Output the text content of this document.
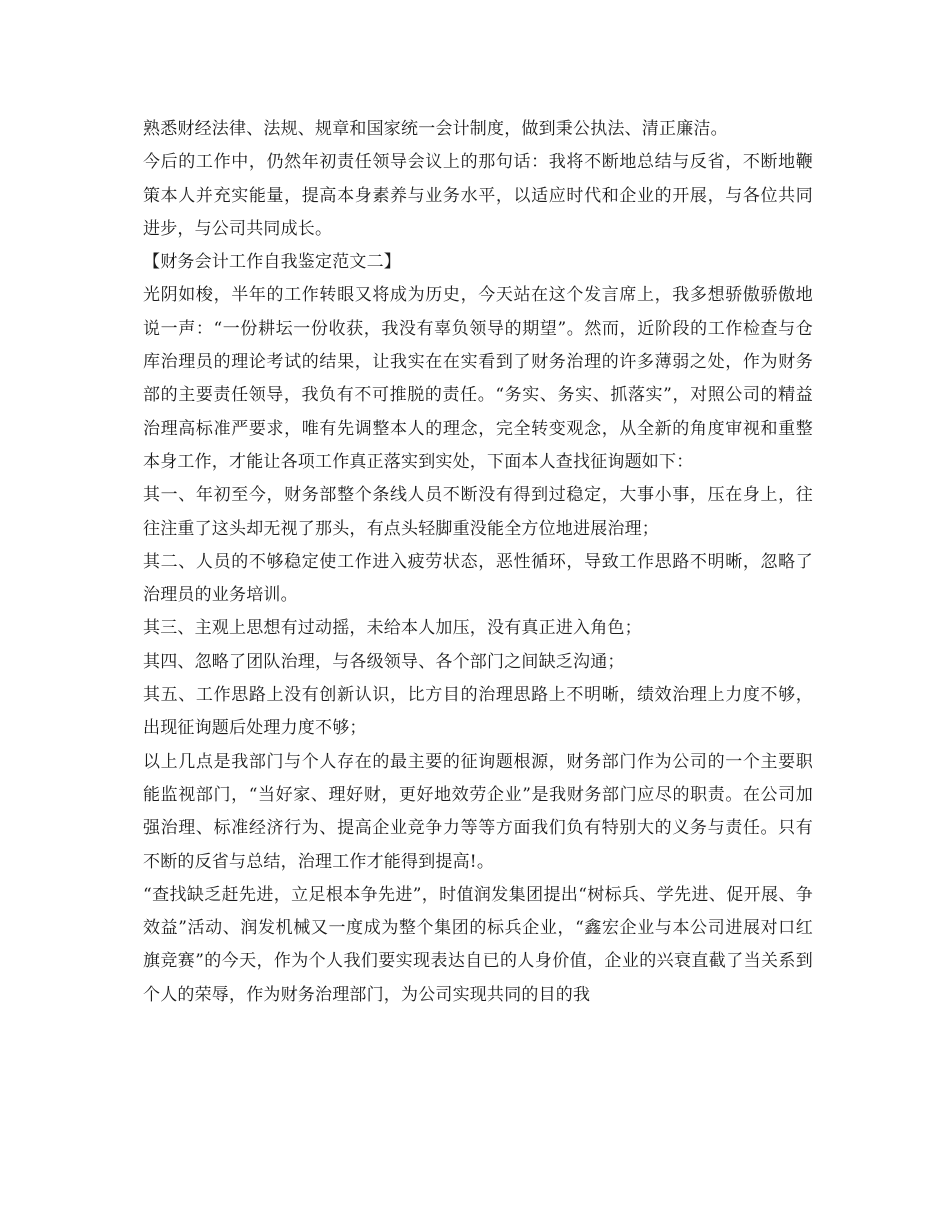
熟悉财经法律、法规、规章和国家统一会计制度，做到秉公执法、清正廉洁。

今后的工作中，仍然年初责任领导会议上的那句话：我将不断地总结与反省，不断地鞭策本人并充实能量，提高本身素养与业务水平，以适应时代和企业的开展，与各位共同进步，与公司共同成长。

【财务会计工作自我鉴定范文二】

光阴如梭，半年的工作转眼又将成为历史，今天站在这个发言席上，我多想骄傲骄傲地说一声：“一份耕坛一份收获，我没有辜负领导的期望”。然而，近阶段的工作检查与仓库治理员的理论考试的结果，让我实在在实看到了财务治理的许多薄弱之处，作为财务部的主要责任领导，我负有不可推脱的责任。“务实、务实、抓落实”，对照公司的精益治理高标准严要求，唯有先调整本人的理念，完全转变观念，从全新的角度审视和重整本身工作，才能让各项工作真正落实到实处，下面本人查找征询题如下：

其一、年初至今，财务部整个条线人员不断没有得到过稳定，大事小事，压在身上，往往注重了这头却无视了那头，有点头轻脚重没能全方位地进展治理；

其二、人员的不够稳定使工作进入疲劳状态，恶性循环，导致工作思路不明晰，忽略了治理员的业务培训。

其三、主观上思想有过动摇，未给本人加压，没有真正进入角色；

其四、忽略了团队治理，与各级领导、各个部门之间缺乏沟通；

其五、工作思路上没有创新认识，比方目的治理思路上不明晰，绩效治理上力度不够，出现征询题后处理力度不够；

以上几点是我部门与个人存在的最主要的征询题根源，财务部门作为公司的一个主要职能监视部门，“当好家、理好财，更好地效劳企业”是我财务部门应尽的职责。在公司加强治理、标准经济行为、提高企业竞争力等等方面我们负有特别大的义务与责任。只有不断的反省与总结，治理工作才能得到提高!。

“查找缺乏赶先进，立足根本争先进”，时值润发集团提出“树标兵、学先进、促开展、争效益”活动、润发机械又一度成为整个集团的标兵企业，“鑫宏企业与本公司进展对口红旗竞赛”的今天，作为个人我们要实现表达自已的人身价值，企业的兴衰直截了当关系到个人的荣辱，作为财务治理部门，为公司实现共同的目的我
